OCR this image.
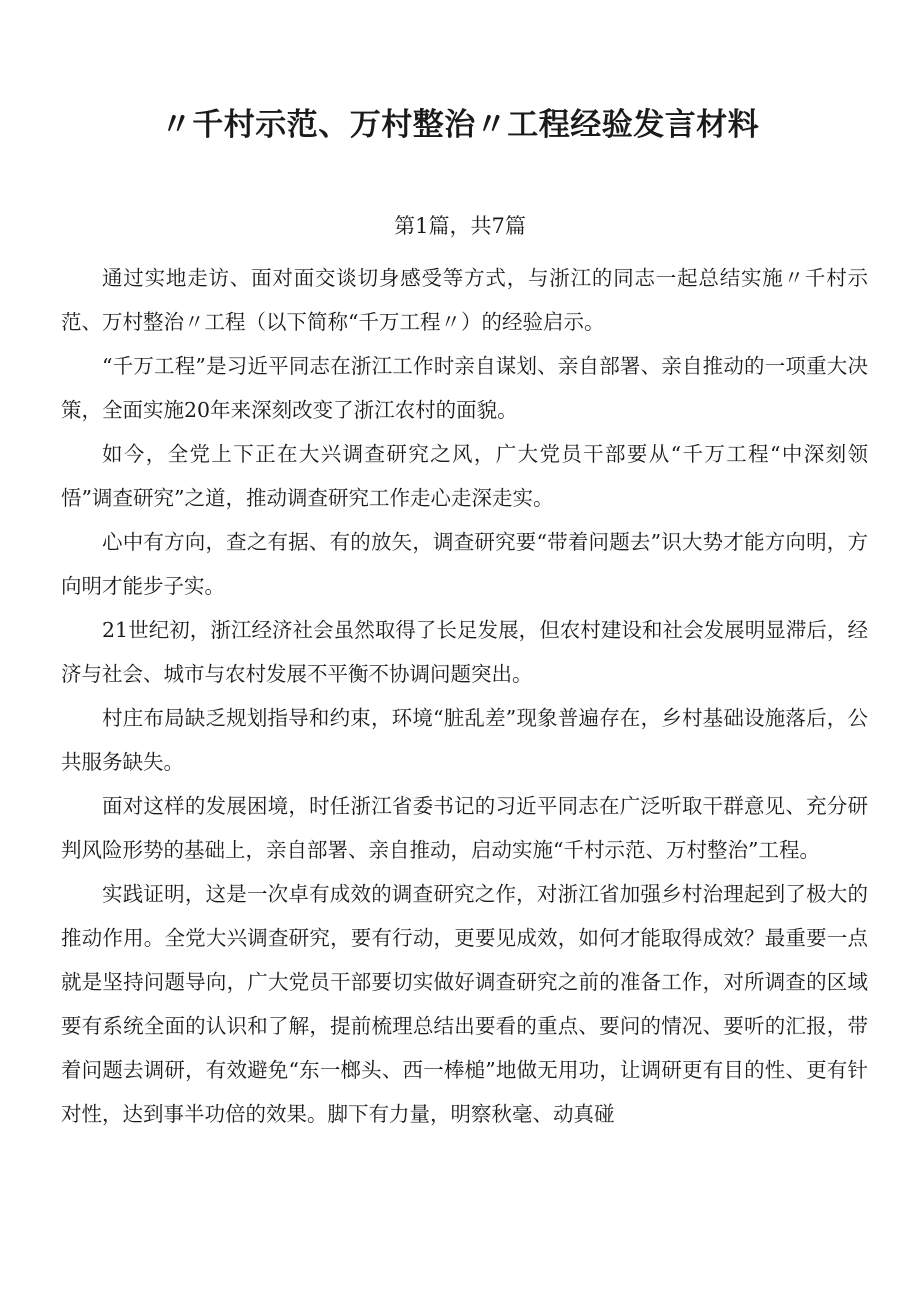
〃千村示范、万村整治〃工程经验发言材料
第1篇，共7篇

通过实地走访、面对面交谈切身感受等方式，与浙江的同志一起总结实施〃千村示范、万村整治〃工程（以下简称“千万工程〃）的经验启示。

“千万工程”是习近平同志在浙江工作时亲自谋划、亲自部署、亲自推动的一项重大决策，全面实施20年来深刻改变了浙江农村的面貌。

如今，全党上下正在大兴调查研究之风，广大党员干部要从“千万工程“中深刻领悟”调查研究”之道，推动调查研究工作走心走深走实。

心中有方向，查之有据、有的放矢，调查研究要“带着问题去”识大势才能方向明，方向明才能步子实。

21世纪初，浙江经济社会虽然取得了长足发展，但农村建设和社会发展明显滞后，经济与社会、城市与农村发展不平衡不协调问题突出。

村庄布局缺乏规划指导和约束，环境“脏乱差”现象普遍存在，乡村基础设施落后，公共服务缺失。

面对这样的发展困境，时任浙江省委书记的习近平同志在广泛听取干群意见、充分研判风险形势的基础上，亲自部署、亲自推动，启动实施“千村示范、万村整治”工程。

实践证明，这是一次卓有成效的调查研究之作，对浙江省加强乡村治理起到了极大的推动作用。全党大兴调查研究，要有行动，更要见成效，如何才能取得成效？最重要一点就是坚持问题导向，广大党员干部要切实做好调查研究之前的准备工作，对所调查的区域要有系统全面的认识和了解，提前梳理总结出要看的重点、要问的情况、要听的汇报，带着问题去调研，有效避免“东一榔头、西一棒槌”地做无用功，让调研更有目的性、更有针对性，达到事半功倍的效果。脚下有力量，明察秋毫、动真碰
